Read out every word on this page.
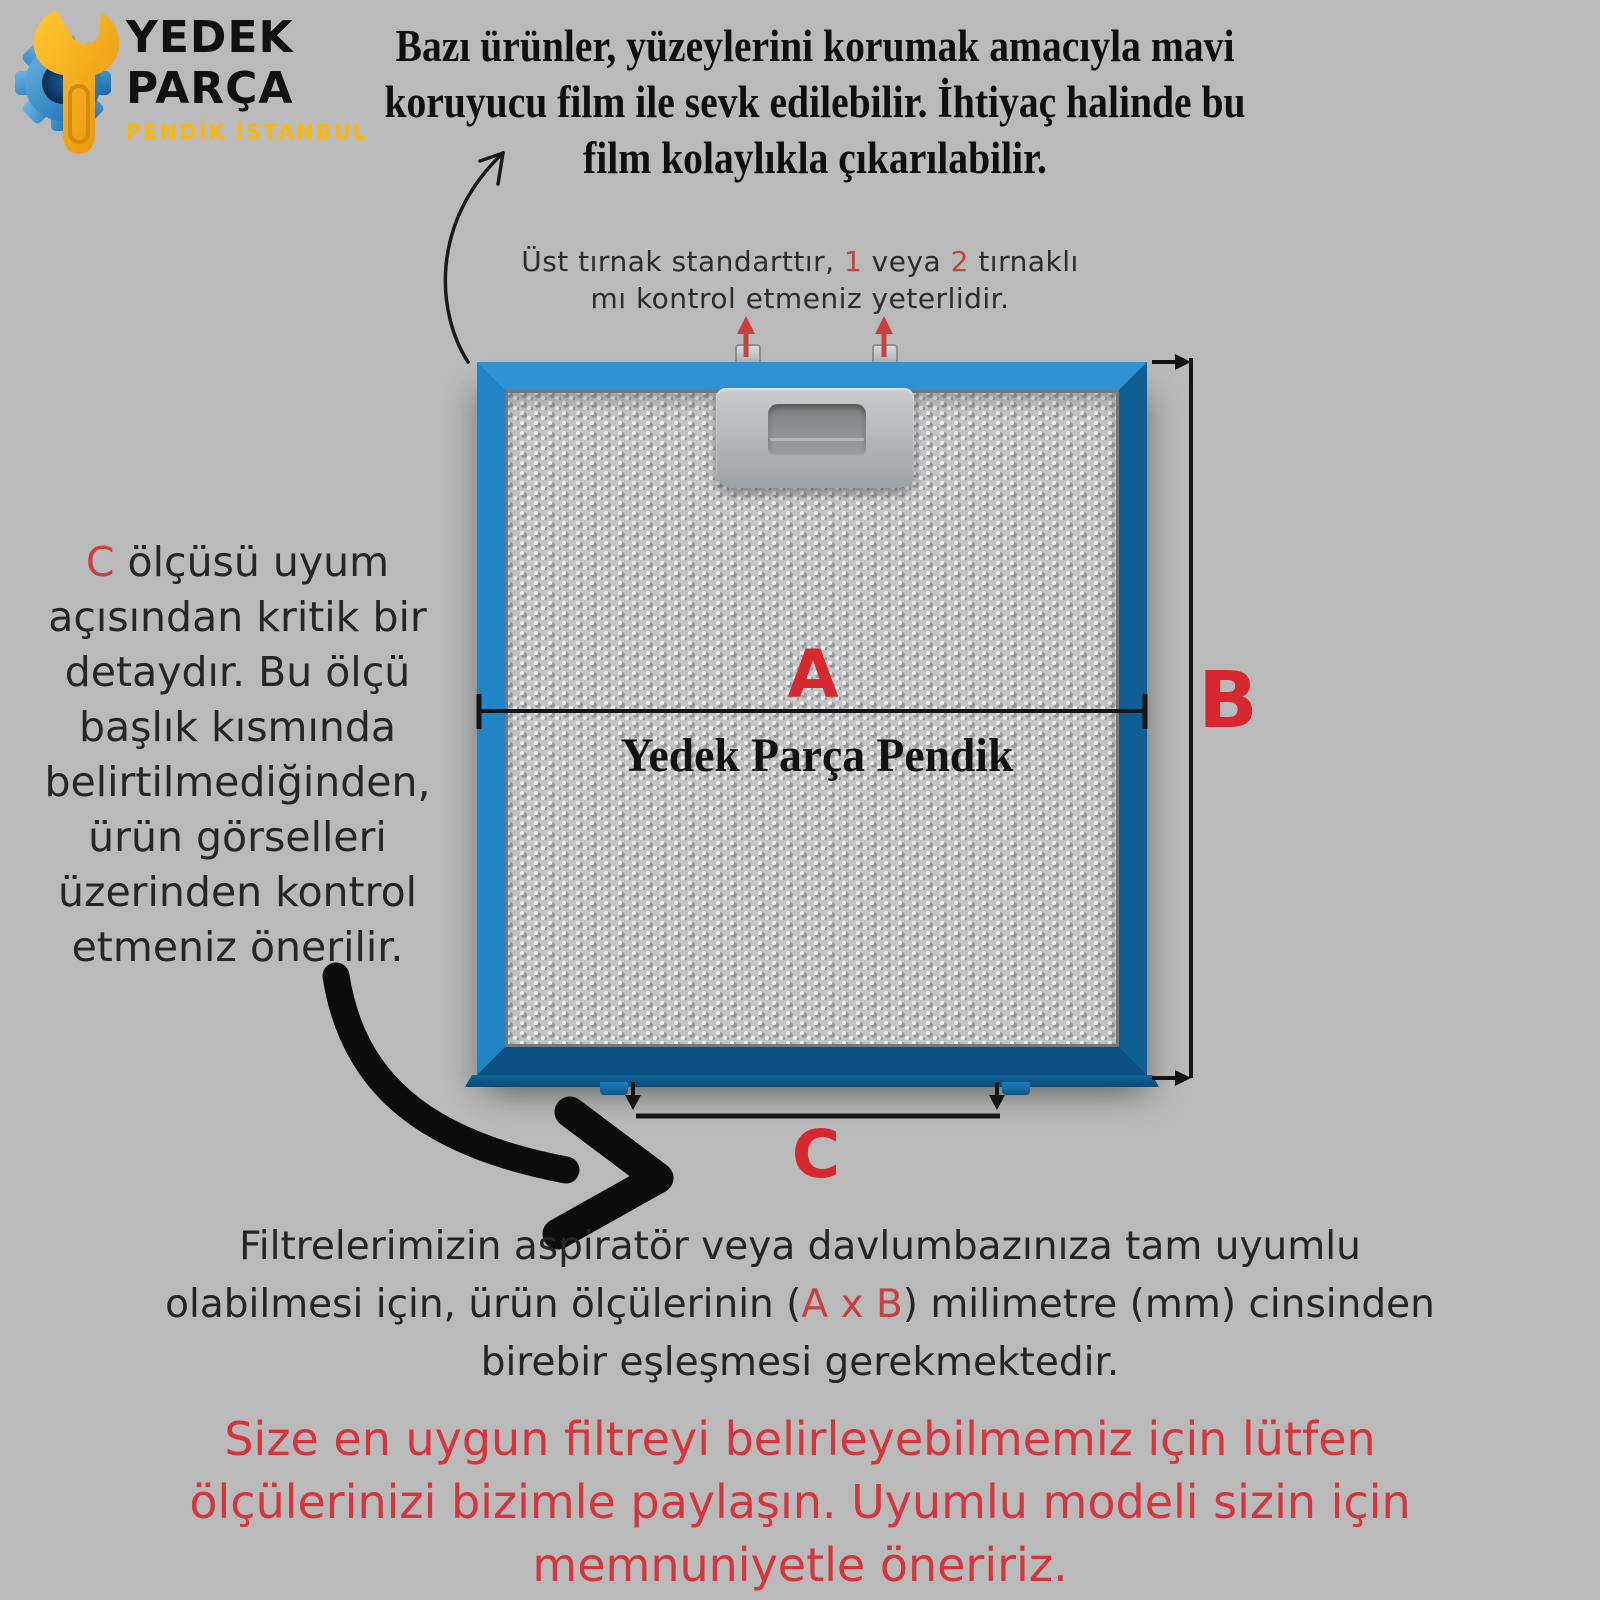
YEDEK
PARÇA
PENDİK İSTANBUL
Bazı ürünler, yüzeylerini korumak amacıyla mavi
koruyucu film ile sevk edilebilir. İhtiyaç halinde bu
film kolaylıkla çıkarılabilir.
Üst tırnak standarttır, 1 veya 2 tırnaklı
mı kontrol etmeniz yeterlidir.
C ölçüsü uyum
açısından kritik bir
detaydır. Bu ölçü
başlık kısmında
belirtilmediğinden,
ürün görselleri
üzerinden kontrol
etmeniz önerilir.
Yedek Parça Pendik
A	B
C
Filtrelerimizin aspiratör veya davlumbazınıza tam uyumlu
olabilmesi için, ürün ölçülerinin (A x B) milimetre (mm) cinsinden
birebir eşleşmesi gerekmektedir.
Size en uygun filtreyi belirleyebilmemiz için lütfen
ölçülerinizi bizimle paylaşın. Uyumlu modeli sizin için
memnuniyetle öneririz.
